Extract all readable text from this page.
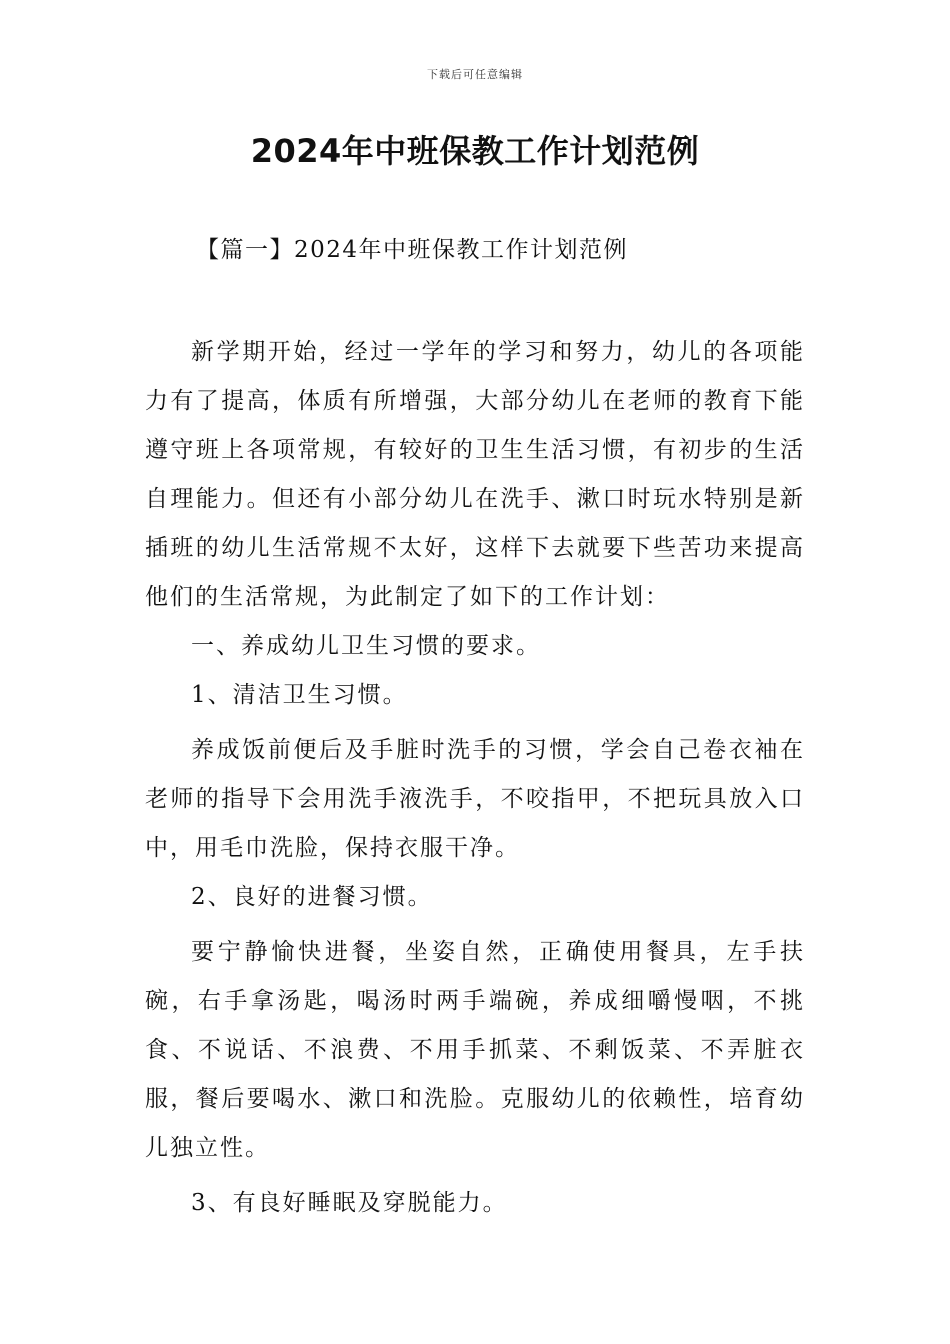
下载后可任意编辑
2024年中班保教工作计划范例
【篇一】2024年中班保教工作计划范例

新学期开始，经过一学年的学习和努力，幼儿的各项能力有了提高，体质有所增强，大部分幼儿在老师的教育下能遵守班上各项常规，有较好的卫生生活习惯，有初步的生活自理能力。但还有小部分幼儿在洗手、漱口时玩水特别是新插班的幼儿生活常规不太好，这样下去就要下些苦功来提高他们的生活常规，为此制定了如下的工作计划：

一、养成幼儿卫生习惯的要求。

1、清洁卫生习惯。

养成饭前便后及手脏时洗手的习惯，学会自己卷衣袖在老师的指导下会用洗手液洗手，不咬指甲，不把玩具放入口中，用毛巾洗脸，保持衣服干净。

2、良好的进餐习惯。

要宁静愉快进餐，坐姿自然，正确使用餐具，左手扶碗，右手拿汤匙，喝汤时两手端碗，养成细嚼慢咽，不挑食、不说话、不浪费、不用手抓菜、不剩饭菜、不弄脏衣服，餐后要喝水、漱口和洗脸。克服幼儿的依赖性，培育幼儿独立性。

3、有良好睡眠及穿脱能力。
